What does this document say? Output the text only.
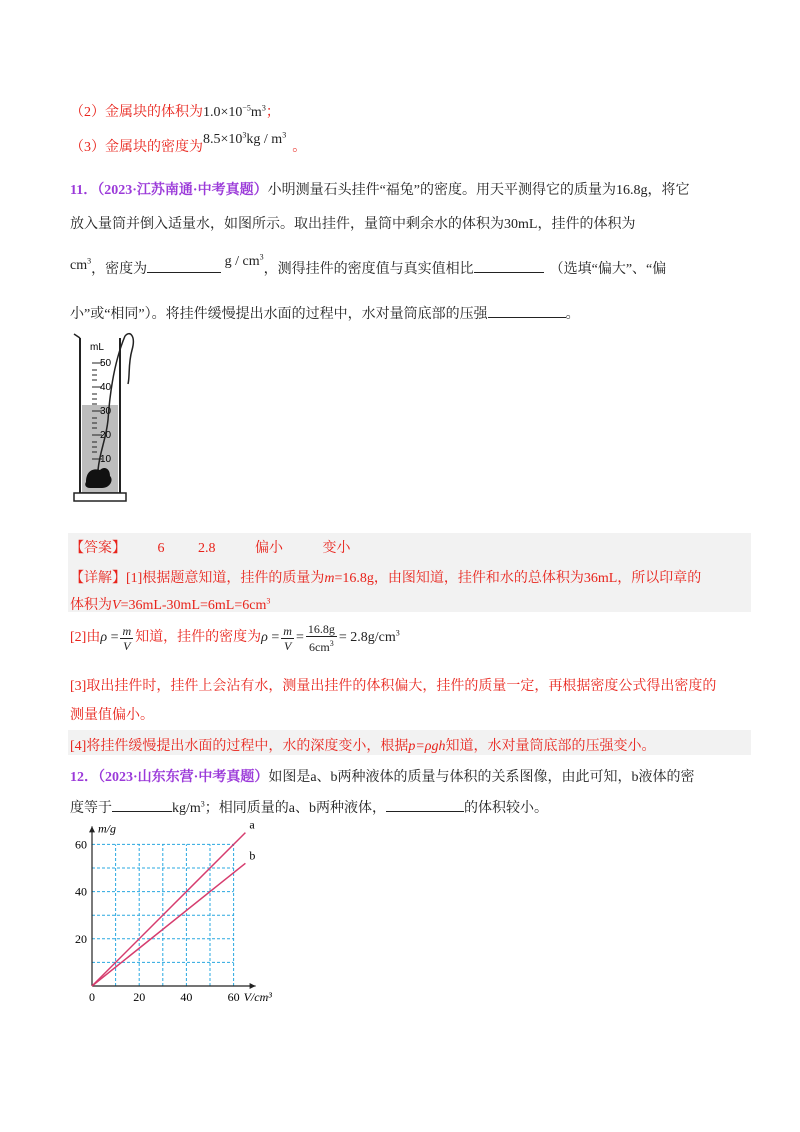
（2）金属块的体积为$1.0\times 10^{-5}m^3$；
（3）金属块的密度为$8.5\times 10^3kg / m^3$。
11．（2023·江苏南通·中考真题）小明测量石头挂件“福兔”的密度。用天平测得它的质量为16.8g，将它
放入量筒并倒入适量水，如图所示。取出挂件，量筒中剩余水的体积为30mL，挂件的体积为
$cm^3$，密度为 g / $cm^3$，测得挂件的密度值与真实值相比	（选填“偏大”、“偏
小”或“相同”）。将挂件缓慢提出水面的过程中，水对量筒底部的压强	。
mL
50
40
30
20
10
【答案】 6 2.8	偏小	变小
【详解】[1]根据题意知道，挂件的质量为m=16.8g，由图知道，挂件和水的总体积为36mL，所以印章的
体积为$V=36mL-30mL=6mL=6cm^3$
[2]由$\rho = \frac{m}{V}$ 知道，挂件的密度为$\rho = \frac{m}{V} = \frac{16.8g}{6cm^3} = 2.8g/cm^3$
[3]取出挂件时，挂件上会沾有水，测量出挂件的体积偏大，挂件的质量一定，再根据密度公式得出密度的
测量值偏小。
[4]将挂件缓慢提出水面的过程中，水的深度变小，根据p=ρgh知道，水对量筒底部的压强变小。
12．（2023·山东东营·中考真题）如图是a、b两种液体的质量与体积的关系图像，由此可知，b液体的密
度等于	$kg/m^3$；相同质量的a、b两种液体，	的体积较小。
0	20	40	60
20
40
60
m/g
V/cm³
a
b
